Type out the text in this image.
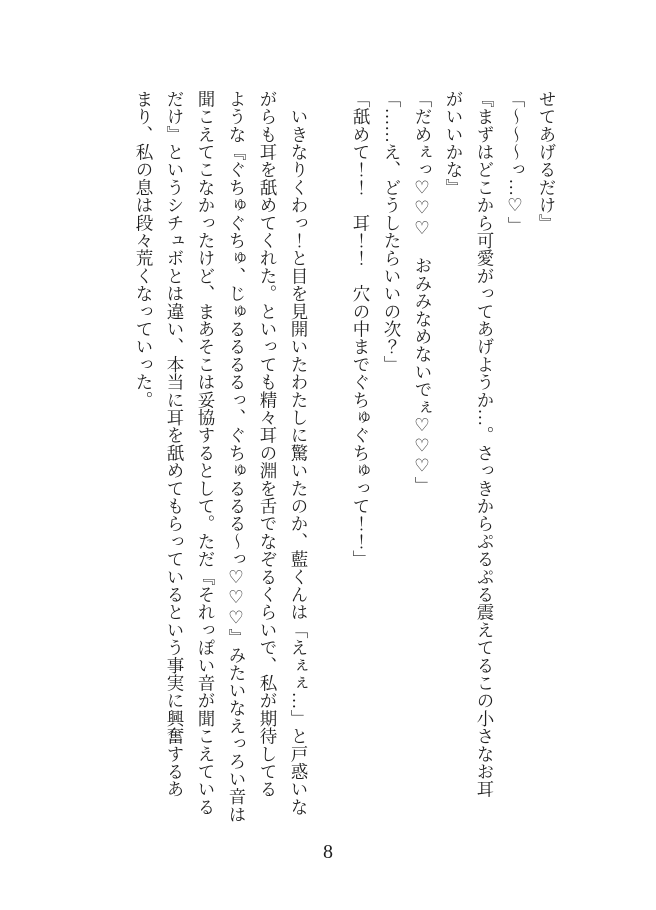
せてあげるだけ』

「～～～っ…♡」

『まずはどこから可愛がってあげようか…。さっきからぷるぷる震えてるこの小さなお耳

がいいかな』

「だめぇっ♡♡♡　おみみなめないでぇ♡♡♡」

「……え、どうしたらいいの次？」

「舐めて！！　耳！！　穴の中までぐちゅぐちゅって！！」

　いきなりくわっ！と目を見開いたわたしに驚いたのか、藍くんは「えぇぇ…」と戸惑いな

がらも耳を舐めてくれた。といっても精々耳の淵を舌でなぞるくらいで、私が期待してる

ような『ぐちゅぐちゅ、じゅるるるるっ、ぐちゅるるる～っ♡♡♡』みたいなえっろい音は

聞こえてこなかったけど、まあそこは妥協するとして。ただ『それっぽい音が聞こえている

だけ』というシチュボとは違い、本当に耳を舐めてもらっているという事実に興奮するあ

まり、私の息は段々荒くなっていった。

8
